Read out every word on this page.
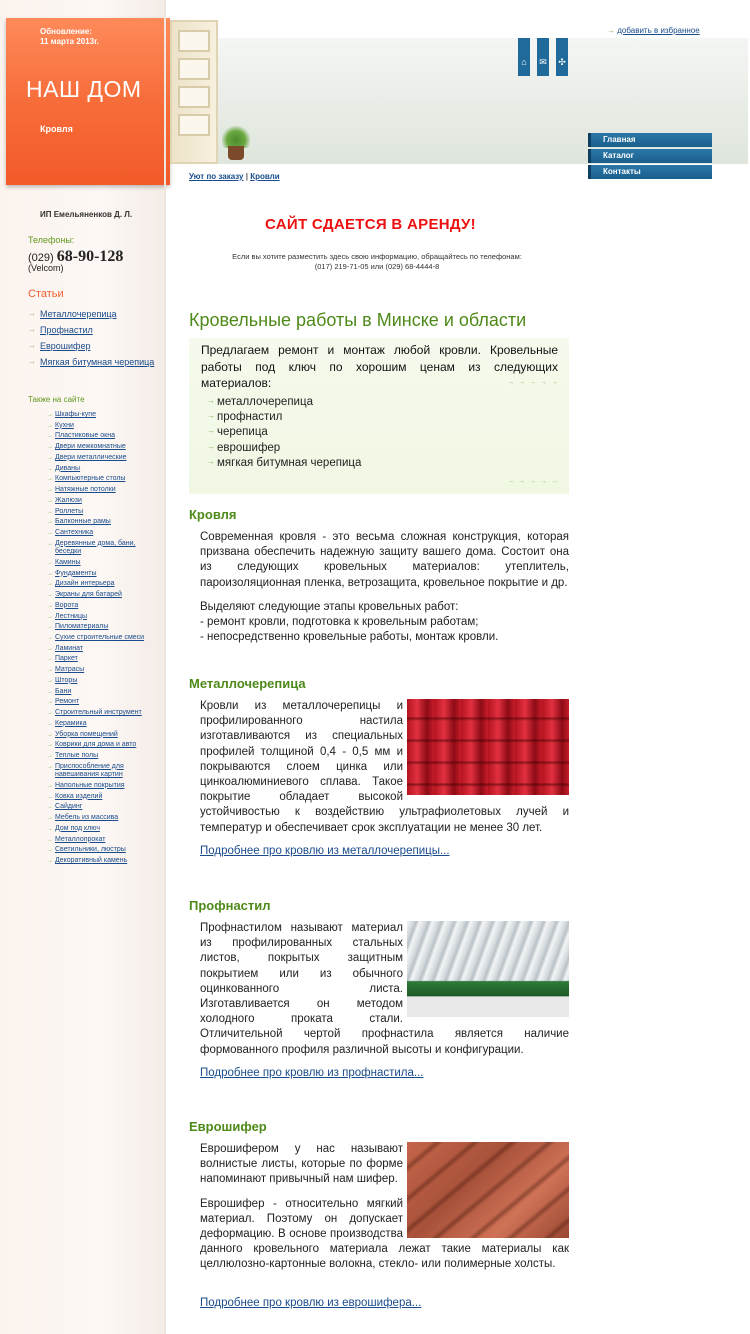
Обновление:
11 марта 2013г.
НАШ ДОМ
Кровля
ИП Емельяненков Д. Л.
Телефоны:
(029) 68-90-128
(Velcom)
Статьи
→ Металлочерепица
→ Профнастил
→ Еврошифер
→ Мягкая битумная черепица
Также на сайте
→ Шкафы-купе
→ Кухни
→ Пластиковые окна
→ Двери межкомнатные
→ Двери металлические
→ Диваны
→ Компьютерные столы
→ Натяжные потолки
→ Жалюзи
→ Роллеты
→ Балконные рамы
→ Сантехника
→ Деревянные дома, бани, беседки
→ Камины
→ Фундаменты
→ Дизайн интерьера
→ Экраны для батарей
→ Ворота
→ Лестницы
→ Пиломатериалы
→ Сухие строительные смеси
→ Ламинат
→ Паркет
→ Матрасы
→ Шторы
→ Бани
→ Ремонт
→ Строительный инструмент
→ Керамика
→ Уборка помещений
→ Коврики для дома и авто
→ Теплые полы
→ Приспособление для навешивания картин
→ Напольные покрытия
→ Ковка изделий
→ Сайдинг
→ Мебель из массива
→ Дом под ключ
→ Металлопрокат
→ Светильники, люстры
→ Декоративный камень
→ добавить в избранное
⌂	✉ ✣
Главная
Каталог
Контакты
Уют по заказу | Кровли
САЙТ СДАЕТСЯ В АРЕНДУ!
Если вы хотите разместить здесь свою информацию, обращайтесь по телефонам: (017) 219-71-05 или (029) 68-4444-8
Кровельные работы в Минске и области
Предлагаем ремонт и монтаж любой кровли. Кровельные работы под ключ по хорошим ценам из следующих материалов:	→ → → → →
→ металлочерепица
→ профнастил
→ черепица
→ еврошифер
→ мягкая битумная черепица
→ → → → →
Кровля

Современная кровля - это весьма сложная конструкция, которая призвана обеспечить надежную защиту вашего дома. Состоит она из следующих кровельных материалов: утеплитель, пароизоляционная пленка, ветрозащита, кровельное покрытие и др.

Выделяют следующие этапы кровельных работ:
- ремонт кровли, подготовка к кровельным работам;
- непосредственно кровельные работы, монтаж кровли.
Металлочерепица
Кровли из металлочерепицы и профилированного настила изготавливаются из специальных профилей толщиной 0,4 - 0,5 мм и покрываются слоем цинка или цинкоалюминиевого сплава. Такое покрытие обладает высокой устойчивостью к воздействию ультрафиолетовых лучей и температур и обеспечивает срок эксплуатации не менее 30 лет.
Подробнее про кровлю из металлочерепицы...
Профнастил
Профнастилом называют материал из профилированных стальных листов, покрытых защитным покрытием или из обычного оцинкованного листа. Изготавливается он методом холодного проката стали. Отличительной чертой профнастила является наличие формованного профиля различной высоты и конфигурации.
Подробнее про кровлю из профнастила...
Еврошифер

Еврошифером у нас называют волнистые листы, которые по форме напоминают привычный нам шифер.

Еврошифер - относительно мягкий материал. Поэтому он допускает деформацию. В основе производства данного кровельного материала лежат такие материалы как целлюлозно-картонные волокна, стекло- или полимерные холсты.

Подробнее про кровлю из еврошифера...
